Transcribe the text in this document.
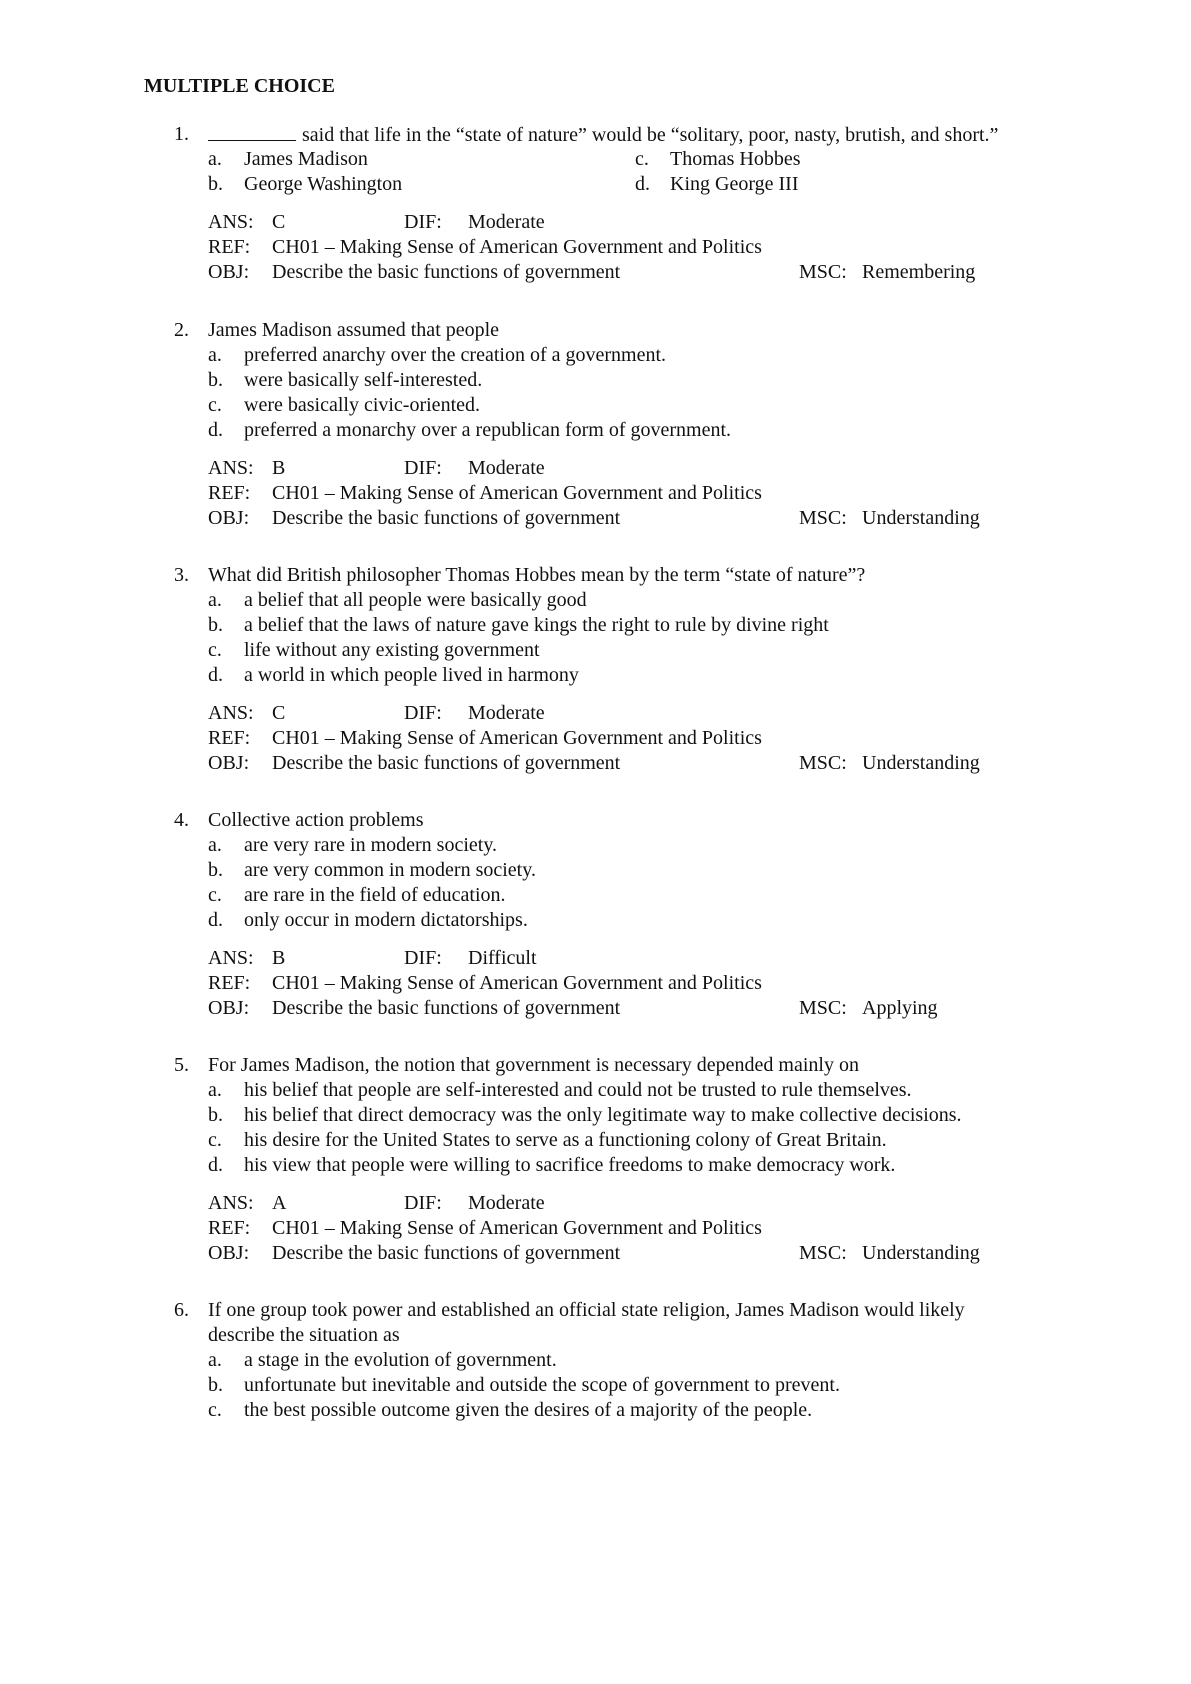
MULTIPLE CHOICE
1.	said that life in the “state of nature” would be “solitary, poor, nasty, brutish, and short.”
a. James Madison	c. Thomas Hobbes
b. George Washington	d. King George III
ANS: C	DIF: Moderate
REF: CH01 – Making Sense of American Government and Politics
OBJ: Describe the basic functions of government	MSC: Remembering
2. James Madison assumed that people
a. preferred anarchy over the creation of a government.
b. were basically self-interested.
c. were basically civic-oriented.
d. preferred a monarchy over a republican form of government.
ANS: B	DIF: Moderate
REF: CH01 – Making Sense of American Government and Politics
OBJ: Describe the basic functions of government	MSC: Understanding
3. What did British philosopher Thomas Hobbes mean by the term “state of nature”?
a. a belief that all people were basically good
b. a belief that the laws of nature gave kings the right to rule by divine right
c. life without any existing government
d. a world in which people lived in harmony
ANS: C	DIF: Moderate
REF: CH01 – Making Sense of American Government and Politics
OBJ: Describe the basic functions of government	MSC: Understanding
4. Collective action problems
a. are very rare in modern society.
b. are very common in modern society.
c. are rare in the field of education.
d. only occur in modern dictatorships.
ANS: B	DIF: Difficult
REF: CH01 – Making Sense of American Government and Politics
OBJ: Describe the basic functions of government	MSC: Applying
5. For James Madison, the notion that government is necessary depended mainly on
a. his belief that people are self-interested and could not be trusted to rule themselves.
b. his belief that direct democracy was the only legitimate way to make collective decisions.
c. his desire for the United States to serve as a functioning colony of Great Britain.
d. his view that people were willing to sacrifice freedoms to make democracy work.
ANS: A	DIF: Moderate
REF: CH01 – Making Sense of American Government and Politics
OBJ: Describe the basic functions of government	MSC: Understanding
6. If one group took power and established an official state religion, James Madison would likely
describe the situation as
a. a stage in the evolution of government.
b. unfortunate but inevitable and outside the scope of government to prevent.
c. the best possible outcome given the desires of a majority of the people.
